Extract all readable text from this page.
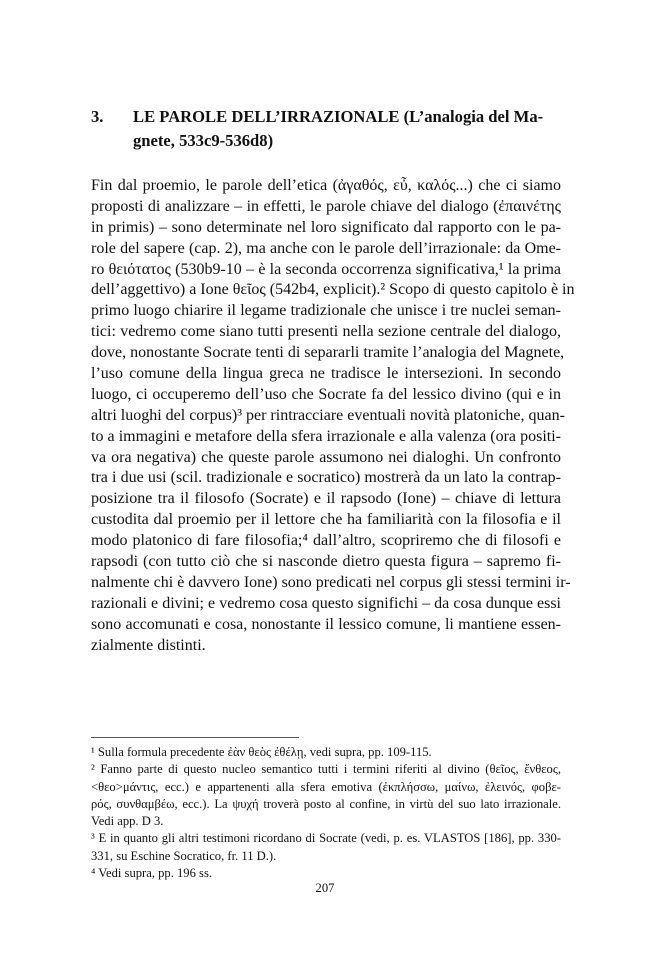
3. LE PAROLE DELL’IRRAZIONALE (L’analogia del Ma-
gnete, 533c9-536d8)
Fin dal proemio, le parole dell’etica (ἀγαθός, εὖ, καλός...) che ci siamo
proposti di analizzare – in effetti, le parole chiave del dialogo (ἐπαινέτης
in primis) – sono determinate nel loro significato dal rapporto con le pa-
role del sapere (cap. 2), ma anche con le parole dell’irrazionale: da Ome-
ro θειότατος (530b9-10 – è la seconda occorrenza significativa,¹ la prima
dell’aggettivo) a Ione θεῖος (542b4, explicit).² Scopo di questo capitolo è in
primo luogo chiarire il legame tradizionale che unisce i tre nuclei seman-
tici: vedremo come siano tutti presenti nella sezione centrale del dialogo,
dove, nonostante Socrate tenti di separarli tramite l’analogia del Magnete,
l’uso comune della lingua greca ne tradisce le intersezioni. In secondo
luogo, ci occuperemo dell’uso che Socrate fa del lessico divino (qui e in
altri luoghi del corpus)³ per rintracciare eventuali novità platoniche, quan-
to a immagini e metafore della sfera irrazionale e alla valenza (ora positi-
va ora negativa) che queste parole assumono nei dialoghi. Un confronto
tra i due usi (scil. tradizionale e socratico) mostrerà da un lato la contrap-
posizione tra il filosofo (Socrate) e il rapsodo (Ione) – chiave di lettura
custodita dal proemio per il lettore che ha familiarità con la filosofia e il
modo platonico di fare filosofia;⁴ dall’altro, scopriremo che di filosofi e
rapsodi (con tutto ciò che si nasconde dietro questa figura – sapremo fi-
nalmente chi è davvero Ione) sono predicati nel corpus gli stessi termini ir-
razionali e divini; e vedremo cosa questo significhi – da cosa dunque essi
sono accomunati e cosa, nonostante il lessico comune, li mantiene essen-
zialmente distinti.
¹ Sulla formula precedente ἐὰν θεὸς ἐθέλῃ, vedi supra, pp. 109-115.
² Fanno parte di questo nucleo semantico tutti i termini riferiti al divino (θεῖος, ἔνθεος,
<θεο>μάντις, ecc.) e appartenenti alla sfera emotiva (ἐκπλήσσω, μαίνω, ἐλεινός, φοβε-
ρός, συνθαμβέω, ecc.). La ψυχή troverà posto al confine, in virtù del suo lato irrazionale.
Vedi app. D 3.
³ E in quanto gli altri testimoni ricordano di Socrate (vedi, p. es. VLASTOS [186], pp. 330-
331, su Eschine Socratico, fr. 11 D.).
⁴ Vedi supra, pp. 196 ss.
207
